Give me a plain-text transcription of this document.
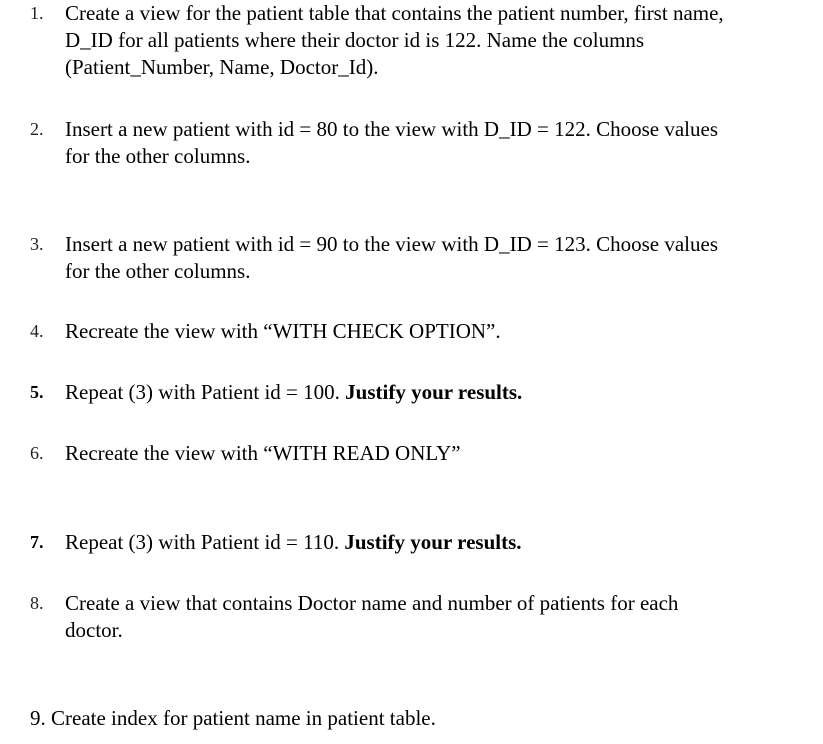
1. Create a view for the patient table that contains the patient number, first name,
D_ID for all patients where their doctor id is 122. Name the columns
(Patient_Number, Name, Doctor_Id).
2. Insert a new patient with id = 80 to the view with D_ID = 122. Choose values
for the other columns.
3. Insert a new patient with id = 90 to the view with D_ID = 123. Choose values
for the other columns.
4. Recreate the view with “WITH CHECK OPTION”.
5. Repeat (3) with Patient id = 100. Justify your results.
6. Recreate the view with “WITH READ ONLY”
7. Repeat (3) with Patient id = 110. Justify your results.
8. Create a view that contains Doctor name and number of patients for each
doctor.
9. Create index for patient name in patient table.
